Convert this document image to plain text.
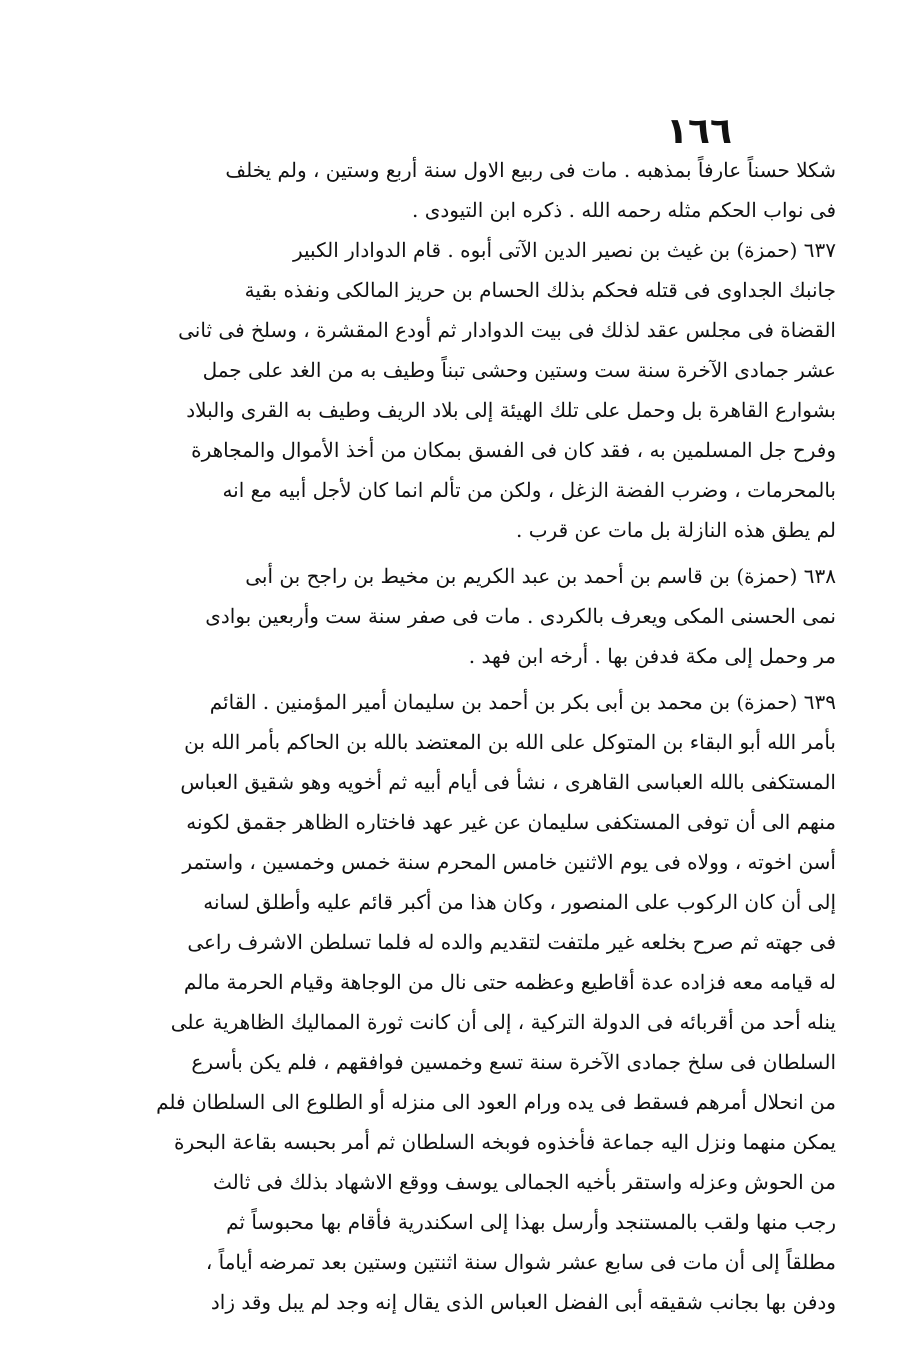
١٦٦
شكلا حسناً عارفاً بمذهبه . مات فى ربيع الاول سنة أربع وستين ، ولم يخلف
فى نواب الحكم مثله رحمه الله . ذكره ابن التيودى .
٦٣٧ (حمزة) بن غيث بن نصير الدين الآتى أبوه . قام الدوادار الكبير
جانبك الجداوى فى قتله فحكم بذلك الحسام بن حريز المالكى ونفذه بقية
القضاة فى مجلس عقد لذلك فى بيت الدوادار ثم أودع المقشرة ، وسلخ فى ثانى
عشر جمادى الآخرة سنة ست وستين وحشى تبناً وطيف به من الغد على جمل
بشوارع القاهرة بل وحمل على تلك الهيئة إلى بلاد الريف وطيف به القرى والبلاد
وفرح جل المسلمين به ، فقد كان فى الفسق بمكان من أخذ الأموال والمجاهرة
بالمحرمات ، وضرب الفضة الزغل ، ولكن من تألم انما كان لأجل أبيه مع انه
لم يطق هذه النازلة بل مات عن قرب .
٦٣٨ (حمزة) بن قاسم بن أحمد بن عبد الكريم بن مخيط بن راجح بن أبى
نمى الحسنى المكى ويعرف بالكردى . مات فى صفر سنة ست وأربعين بوادى
مر وحمل إلى مكة فدفن بها . أرخه ابن فهد .
٦٣٩ (حمزة) بن محمد بن أبى بكر بن أحمد بن سليمان أمير المؤمنين . القائم
بأمر الله أبو البقاء بن المتوكل على الله بن المعتضد بالله بن الحاكم بأمر الله بن
المستكفى بالله العباسى القاهرى ، نشأ فى أيام أبيه ثم أخويه وهو شقيق العباس
منهم الى أن توفى المستكفى سليمان عن غير عهد فاختاره الظاهر جقمق لكونه
أسن اخوته ، وولاه فى يوم الاثنين خامس المحرم سنة خمس وخمسين ، واستمر
إلى أن كان الركوب على المنصور ، وكان هذا من أكبر قائم عليه وأطلق لسانه
فى جهته ثم صرح بخلعه غير ملتفت لتقديم والده له فلما تسلطن الاشرف راعى
له قيامه معه فزاده عدة أقاطيع وعظمه حتى نال من الوجاهة وقيام الحرمة مالم
ينله أحد من أقربائه فى الدولة التركية ، إلى أن كانت ثورة المماليك الظاهرية على
السلطان فى سلخ جمادى الآخرة سنة تسع وخمسين فوافقهم ، فلم يكن بأسرع
من انحلال أمرهم فسقط فى يده ورام العود الى منزله أو الطلوع الى السلطان فلم
يمكن منهما ونزل اليه جماعة فأخذوه فوبخه السلطان ثم أمر بحبسه بقاعة البحرة
من الحوش وعزله واستقر بأخيه الجمالى يوسف ووقع الاشهاد بذلك فى ثالث
رجب منها ولقب بالمستنجد وأرسل بهذا إلى اسكندرية فأقام بها محبوساً ثم
مطلقاً إلى أن مات فى سابع عشر شوال سنة اثنتين وستين بعد تمرضه أياماً ،
ودفن بها بجانب شقيقه أبى الفضل العباس الذى يقال إنه وجد لم يبل وقد زاد
